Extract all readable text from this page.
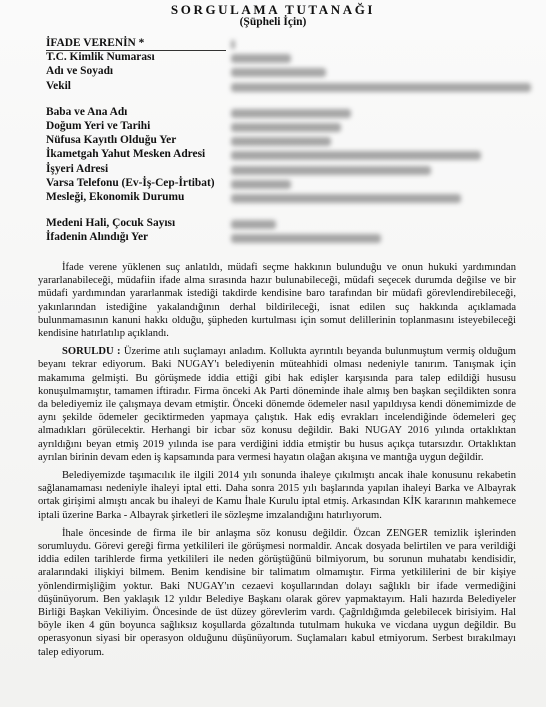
SORGULAMA TUTANAĞI
(Şüpheli İçin)
İFADE VERENİN *
T.C. Kimlik Numarası
Adı ve Soyadı
Vekil
Baba ve Ana Adı
Doğum Yeri ve Tarihi
Nüfusa Kayıtlı Olduğu Yer
İkametgah Yahut Mesken Adresi
İşyeri Adresi
Varsa Telefonu (Ev-İş-Cep-İrtibat)
Mesleği, Ekonomik Durumu
Medeni Hali, Çocuk Sayısı
İfadenin Alındığı Yer

İfade verene yüklenen suç anlatıldı, müdafi seçme hakkının bulunduğu ve onun hukuki yardımından yararlanabileceği, müdafiin ifade alma sırasında hazır bulunabileceği, müdafi seçecek durumda değilse ve bir müdafi yardımından yararlanmak istediği takdirde kendisine baro tarafından bir müdafi görevlendirebileceği, yakınlarından istediğine yakalandığının derhal bildirileceği, isnat edilen suç hakkında açıklamada bulunmamasının kanuni hakkı olduğu, şüpheden kurtulması için somut delillerinin toplanmasını isteyebileceği kendisine hatırlatılıp açıklandı.

SORULDU : Üzerime atılı suçlamayı anladım. Kollukta ayrıntılı beyanda bulunmuştum vermiş olduğum beyanı tekrar ediyorum. Baki NUGAY'ı belediyenin müteahhidi olması nedeniyle tanırım. Tanışmak için makamıma gelmişti. Bu görüşmede iddia ettiği gibi hak edişler karşısında para talep edildiği hususu konuşulmamıştır, tamamen iftiradır. Firma önceki Ak Parti döneminde ihale almış ben başkan seçildikten sonra da belediyemiz ile çalışmaya devam etmiştir. Önceki dönemde ödemeler nasıl yapıldıysa kendi dönemimizde de aynı şekilde ödemeler geciktirmeden yapmaya çalıştık. Hak ediş evrakları incelendiğinde ödemeleri geç almadıkları görülecektir. Herhangi bir icbar söz konusu değildir. Baki NUGAY 2016 yılında ortaklıktan ayrıldığını beyan etmiş 2019 yılında ise para verdiğini iddia etmiştir bu husus açıkça tutarsızdır. Ortaklıktan ayrılan birinin devam eden iş kapsamında para vermesi hayatın olağan akışına ve mantığa uygun değildir.

Belediyemizde taşımacılık ile ilgili 2014 yılı sonunda ihaleye çıkılmıştı ancak ihale konusunu rekabetin sağlanamaması nedeniyle ihaleyi iptal etti. Daha sonra 2015 yılı başlarında yapılan ihaleyi Barka ve Albayrak ortak girişimi almıştı ancak bu ihaleyi de Kamu İhale Kurulu iptal etmiş. Arkasından KİK kararının mahkemece iptali üzerine Barka - Albayrak şirketleri ile sözleşme imzalandığını hatırlıyorum.

İhale öncesinde de firma ile bir anlaşma söz konusu değildir. Özcan ZENGER temizlik işlerinden sorumluydu. Görevi gereği firma yetkilileri ile görüşmesi normaldir. Ancak dosyada belirtilen ve para verildiği iddia edilen tarihlerde firma yetkilileri ile neden görüştüğünü bilmiyorum, bu sorunun muhatabı kendisidir, aralarındaki ilişkiyi bilmem. Benim kendisine bir talimatım olmamıştır. Firma yetkililerini de bir kişiye yönlendirmişliğim yoktur. Baki NUGAY'ın cezaevi koşullarından dolayı sağlıklı bir ifade vermediğini düşünüyorum. Ben yaklaşık 12 yıldır Belediye Başkanı olarak görev yapmaktayım. Hali hazırda Belediyeler Birliği Başkan Vekiliyim. Öncesinde de üst düzey görevlerim vardı. Çağrıldığımda gelebilecek birisiyim. Hal böyle iken 4 gün boyunca sağlıksız koşullarda gözaltında tutulmam hukuka ve vicdana uygun değildir. Bu operasyonun siyasi bir operasyon olduğunu düşünüyorum. Suçlamaları kabul etmiyorum. Serbest bırakılmayı talep ediyorum.
